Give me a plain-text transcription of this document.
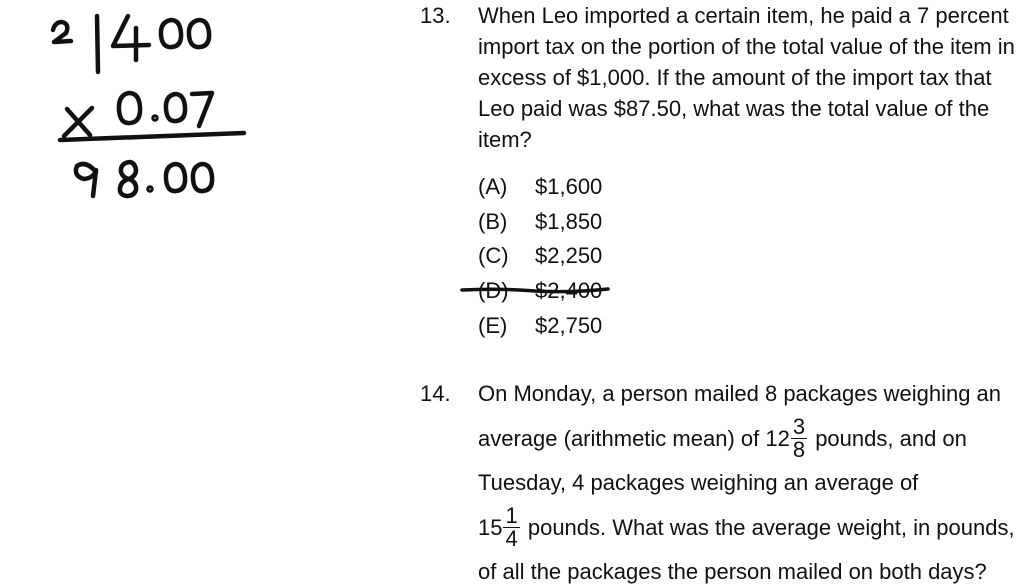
13.	When Leo imported a certain item, he paid a 7 percent import tax on the portion of the total value of the item in excess of $1,000. If the amount of the import tax that Leo paid was $87.50, what was the total value of the item?
(A)	$1,600
(B)	$1,850
(C)	$2,250
(D)	$2,400
(E)	$2,750
14.	On Monday, a person mailed 8 packages weighing an
average (arithmetic mean) of $12 \frac{3}{8}$ pounds, and on
Tuesday, 4 packages weighing an average of
$15 \frac{1}{4}$ pounds. What was the average weight, in pounds,
of all the packages the person mailed on both days?
